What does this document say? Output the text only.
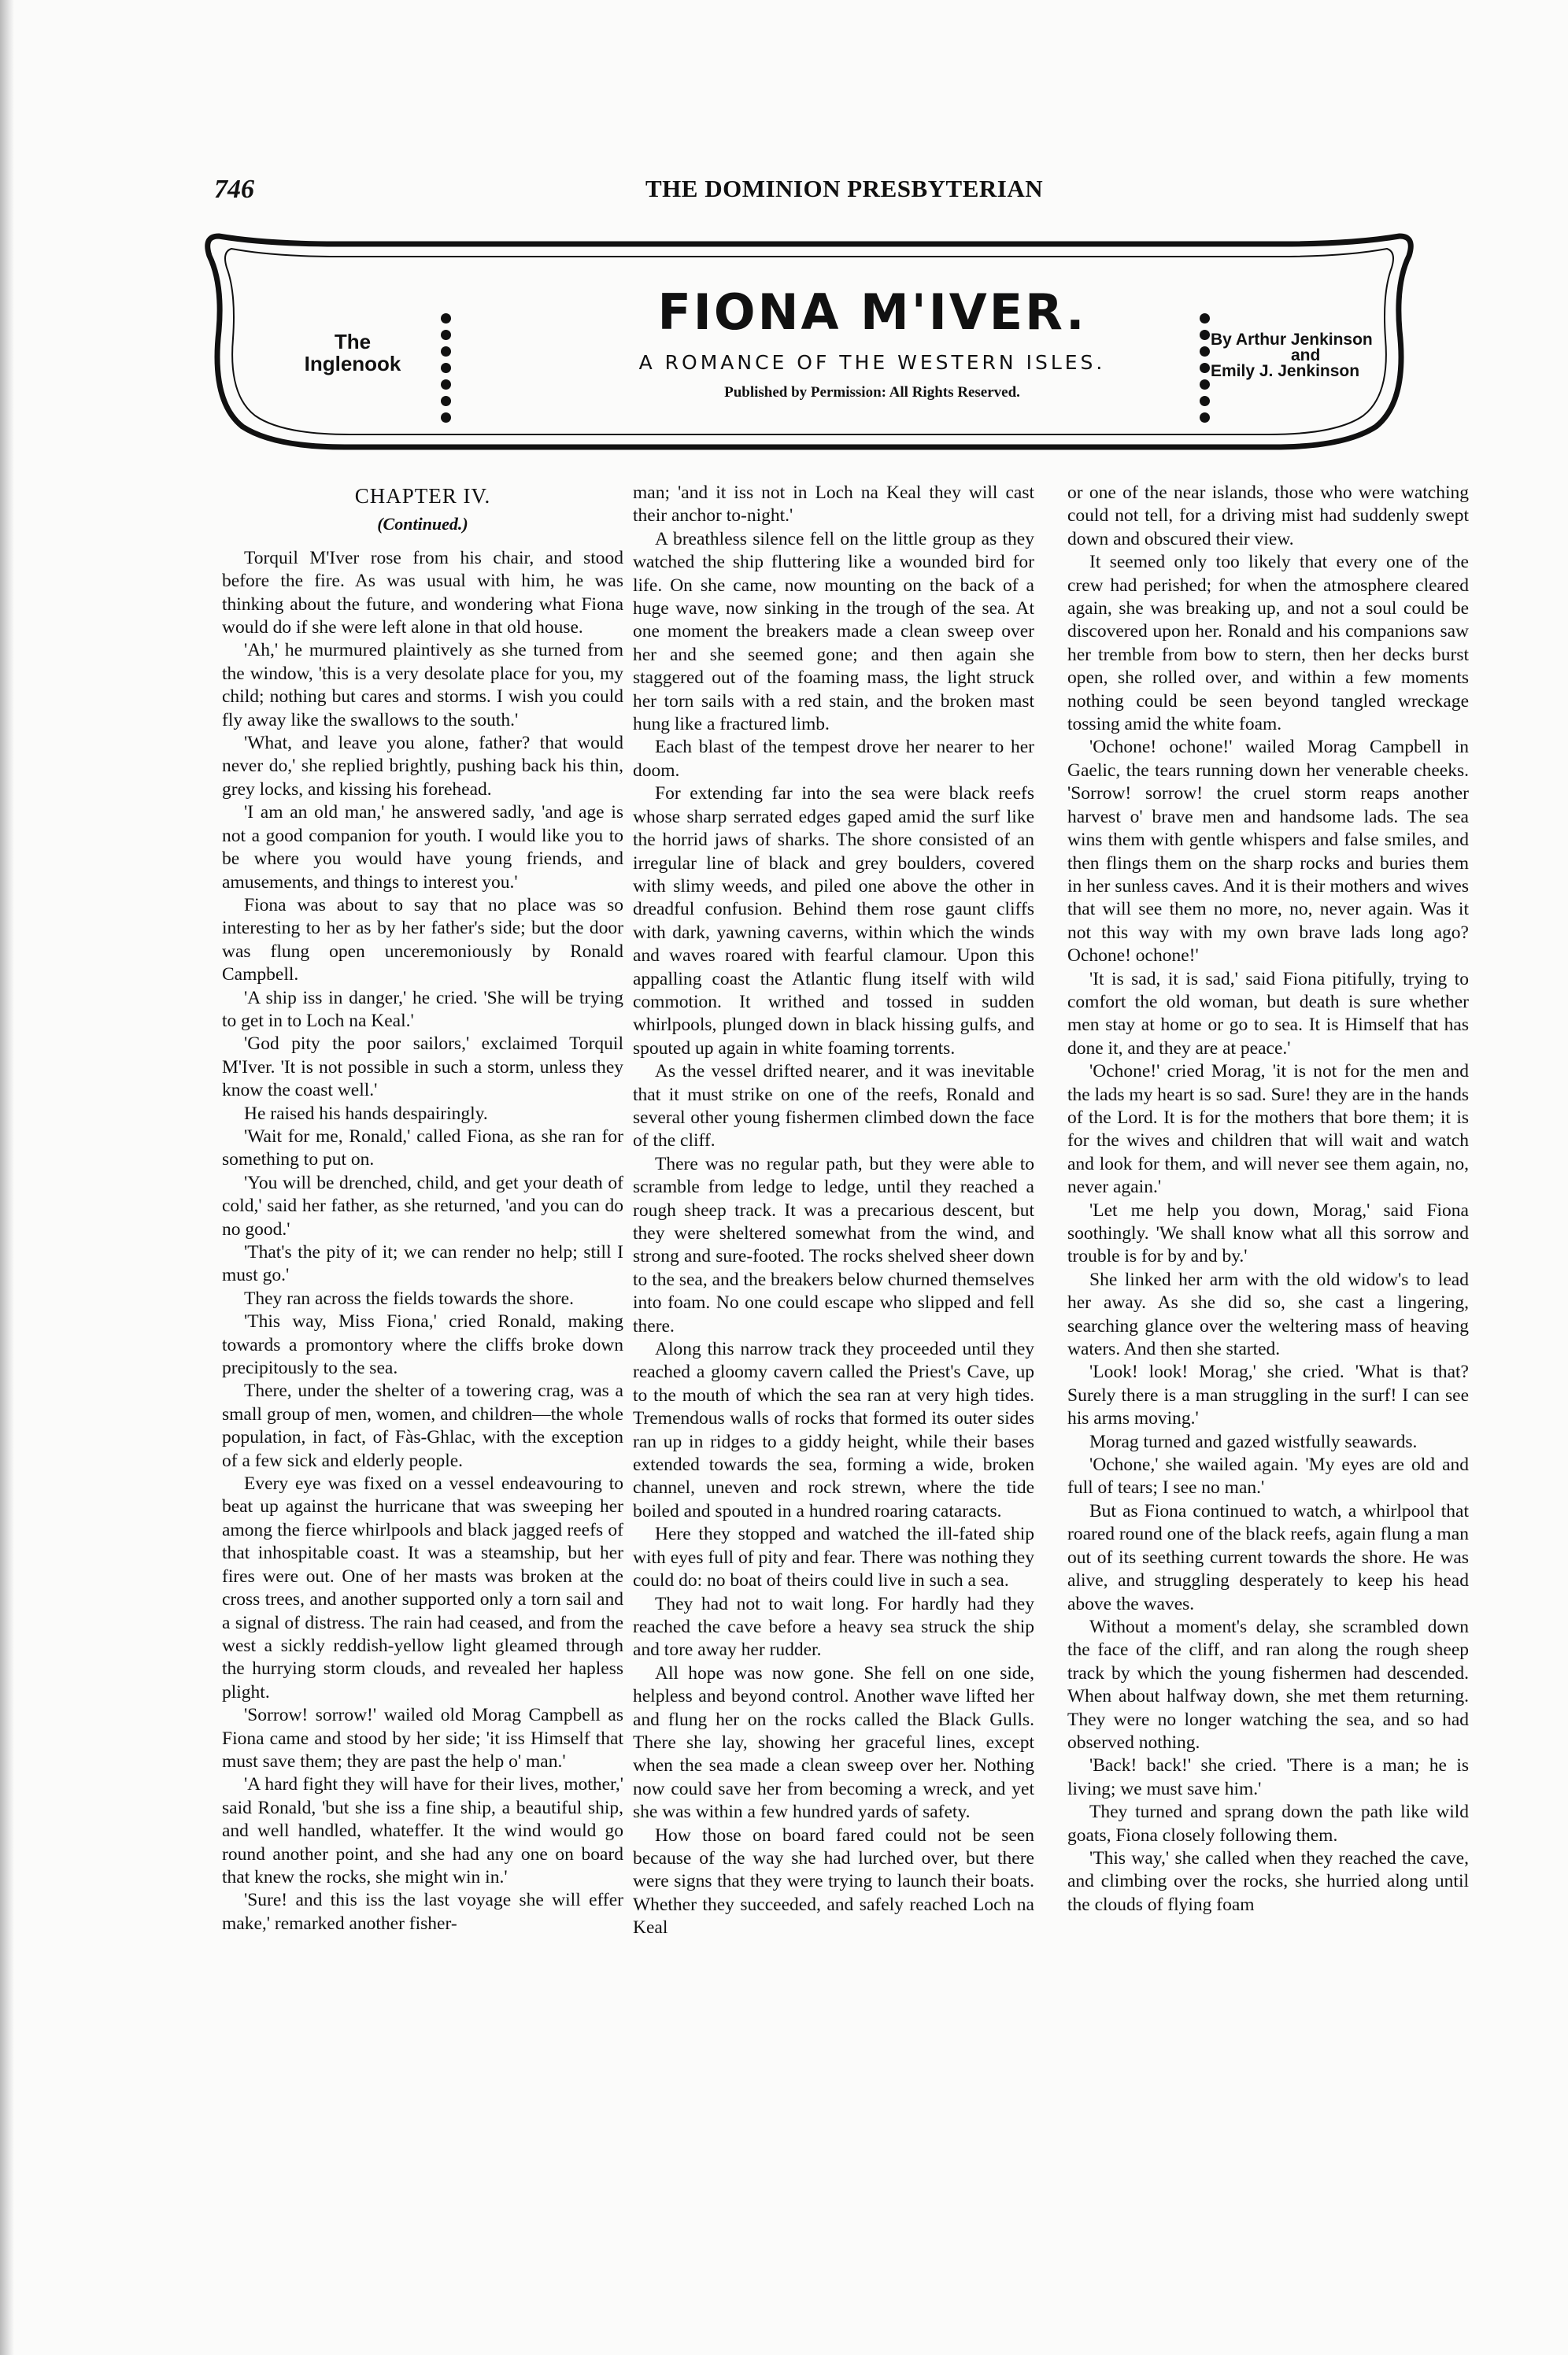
746	THE DOMINION PRESBYTERIAN
The
Inglenook
FIONA M'IVER.
A ROMANCE OF THE WESTERN ISLES.
Published by Permission: All Rights Reserved.
By Arthur Jenkinson
and
Emily J. Jenkinson
CHAPTER IV.
(Continued.)

Torquil M'Iver rose from his chair, and stood before the fire. As was usual with him, he was thinking about the future, and wondering what Fiona would do if she were left alone in that old house.

'Ah,' he murmured plaintively as she turned from the window, 'this is a very desolate place for you, my child; nothing but cares and storms. I wish you could fly away like the swallows to the south.'

'What, and leave you alone, father? that would never do,' she replied brightly, pushing back his thin, grey locks, and kissing his forehead.

'I am an old man,' he answered sadly, 'and age is not a good companion for youth. I would like you to be where you would have young friends, and amusements, and things to interest you.'

Fiona was about to say that no place was so interesting to her as by her father's side; but the door was flung open unceremoniously by Ronald Campbell.

'A ship iss in danger,' he cried. 'She will be trying to get in to Loch na Keal.'

'God pity the poor sailors,' exclaimed Torquil M'Iver. 'It is not possible in such a storm, unless they know the coast well.'

He raised his hands despairingly.

'Wait for me, Ronald,' called Fiona, as she ran for something to put on.

'You will be drenched, child, and get your death of cold,' said her father, as she returned, 'and you can do no good.'

'That's the pity of it; we can render no help; still I must go.'

They ran across the fields towards the shore.

'This way, Miss Fiona,' cried Ronald, making towards a promontory where the cliffs broke down precipitously to the sea.

There, under the shelter of a towering crag, was a small group of men, women, and children—the whole population, in fact, of Fàs-Ghlac, with the exception of a few sick and elderly people.

Every eye was fixed on a vessel endeavouring to beat up against the hurricane that was sweeping her among the fierce whirlpools and black jagged reefs of that inhospitable coast. It was a steamship, but her fires were out. One of her masts was broken at the cross trees, and another supported only a torn sail and a signal of distress. The rain had ceased, and from the west a sickly reddish-yellow light gleamed through the hurrying storm clouds, and revealed her hapless plight.

'Sorrow! sorrow!' wailed old Morag Campbell as Fiona came and stood by her side; 'it iss Himself that must save them; they are past the help o' man.'

'A hard fight they will have for their lives, mother,' said Ronald, 'but she iss a fine ship, a beautiful ship, and well handled, whateffer. It the wind would go round another point, and she had any one on board that knew the rocks, she might win in.'

'Sure! and this iss the last voyage she will effer make,' remarked another fisher-

man; 'and it iss not in Loch na Keal they will cast their anchor to-night.'

A breathless silence fell on the little group as they watched the ship fluttering like a wounded bird for life. On she came, now mounting on the back of a huge wave, now sinking in the trough of the sea. At one moment the breakers made a clean sweep over her and she seemed gone; and then again she staggered out of the foaming mass, the light struck her torn sails with a red stain, and the broken mast hung like a fractured limb.

Each blast of the tempest drove her nearer to her doom.

For extending far into the sea were black reefs whose sharp serrated edges gaped amid the surf like the horrid jaws of sharks. The shore consisted of an irregular line of black and grey boulders, covered with slimy weeds, and piled one above the other in dreadful confusion. Behind them rose gaunt cliffs with dark, yawning caverns, within which the winds and waves roared with fearful clamour. Upon this appalling coast the Atlantic flung itself with wild commotion. It writhed and tossed in sudden whirlpools, plunged down in black hissing gulfs, and spouted up again in white foaming torrents.

As the vessel drifted nearer, and it was inevitable that it must strike on one of the reefs, Ronald and several other young fishermen climbed down the face of the cliff.

There was no regular path, but they were able to scramble from ledge to ledge, until they reached a rough sheep track. It was a precarious descent, but they were sheltered somewhat from the wind, and strong and sure-footed. The rocks shelved sheer down to the sea, and the breakers below churned themselves into foam. No one could escape who slipped and fell there.

Along this narrow track they proceeded until they reached a gloomy cavern called the Priest's Cave, up to the mouth of which the sea ran at very high tides. Tremendous walls of rocks that formed its outer sides ran up in ridges to a giddy height, while their bases extended towards the sea, forming a wide, broken channel, uneven and rock strewn, where the tide boiled and spouted in a hundred roaring cataracts.

Here they stopped and watched the ill-fated ship with eyes full of pity and fear. There was nothing they could do: no boat of theirs could live in such a sea.

They had not to wait long. For hardly had they reached the cave before a heavy sea struck the ship and tore away her rudder.

All hope was now gone. She fell on one side, helpless and beyond control. Another wave lifted her and flung her on the rocks called the Black Gulls. There she lay, showing her graceful lines, except when the sea made a clean sweep over her. Nothing now could save her from becoming a wreck, and yet she was within a few hundred yards of safety.

How those on board fared could not be seen because of the way she had lurched over, but there were signs that they were trying to launch their boats. Whether they succeeded, and safely reached Loch na Keal

or one of the near islands, those who were watching could not tell, for a driving mist had suddenly swept down and obscured their view.

It seemed only too likely that every one of the crew had perished; for when the atmosphere cleared again, she was breaking up, and not a soul could be discovered upon her. Ronald and his companions saw her tremble from bow to stern, then her decks burst open, she rolled over, and within a few moments nothing could be seen beyond tangled wreckage tossing amid the white foam.

'Ochone! ochone!' wailed Morag Campbell in Gaelic, the tears running down her venerable cheeks. 'Sorrow! sorrow! the cruel storm reaps another harvest o' brave men and handsome lads. The sea wins them with gentle whispers and false smiles, and then flings them on the sharp rocks and buries them in her sunless caves. And it is their mothers and wives that will see them no more, no, never again. Was it not this way with my own brave lads long ago? Ochone! ochone!'

'It is sad, it is sad,' said Fiona pitifully, trying to comfort the old woman, but death is sure whether men stay at home or go to sea. It is Himself that has done it, and they are at peace.'

'Ochone!' cried Morag, 'it is not for the men and the lads my heart is so sad. Sure! they are in the hands of the Lord. It is for the mothers that bore them; it is for the wives and children that will wait and watch and look for them, and will never see them again, no, never again.'

'Let me help you down, Morag,' said Fiona soothingly. 'We shall know what all this sorrow and trouble is for by and by.'

She linked her arm with the old widow's to lead her away. As she did so, she cast a lingering, searching glance over the weltering mass of heaving waters. And then she started.

'Look! look! Morag,' she cried. 'What is that? Surely there is a man struggling in the surf! I can see his arms moving.'

Morag turned and gazed wistfully seawards.

'Ochone,' she wailed again. 'My eyes are old and full of tears; I see no man.'

But as Fiona continued to watch, a whirlpool that roared round one of the black reefs, again flung a man out of its seething current towards the shore. He was alive, and struggling desperately to keep his head above the waves.

Without a moment's delay, she scrambled down the face of the cliff, and ran along the rough sheep track by which the young fishermen had descended. When about halfway down, she met them returning. They were no longer watching the sea, and so had observed nothing.

'Back! back!' she cried. 'There is a man; he is living; we must save him.'

They turned and sprang down the path like wild goats, Fiona closely following them.

'This way,' she called when they reached the cave, and climbing over the rocks, she hurried along until the clouds of flying foam
